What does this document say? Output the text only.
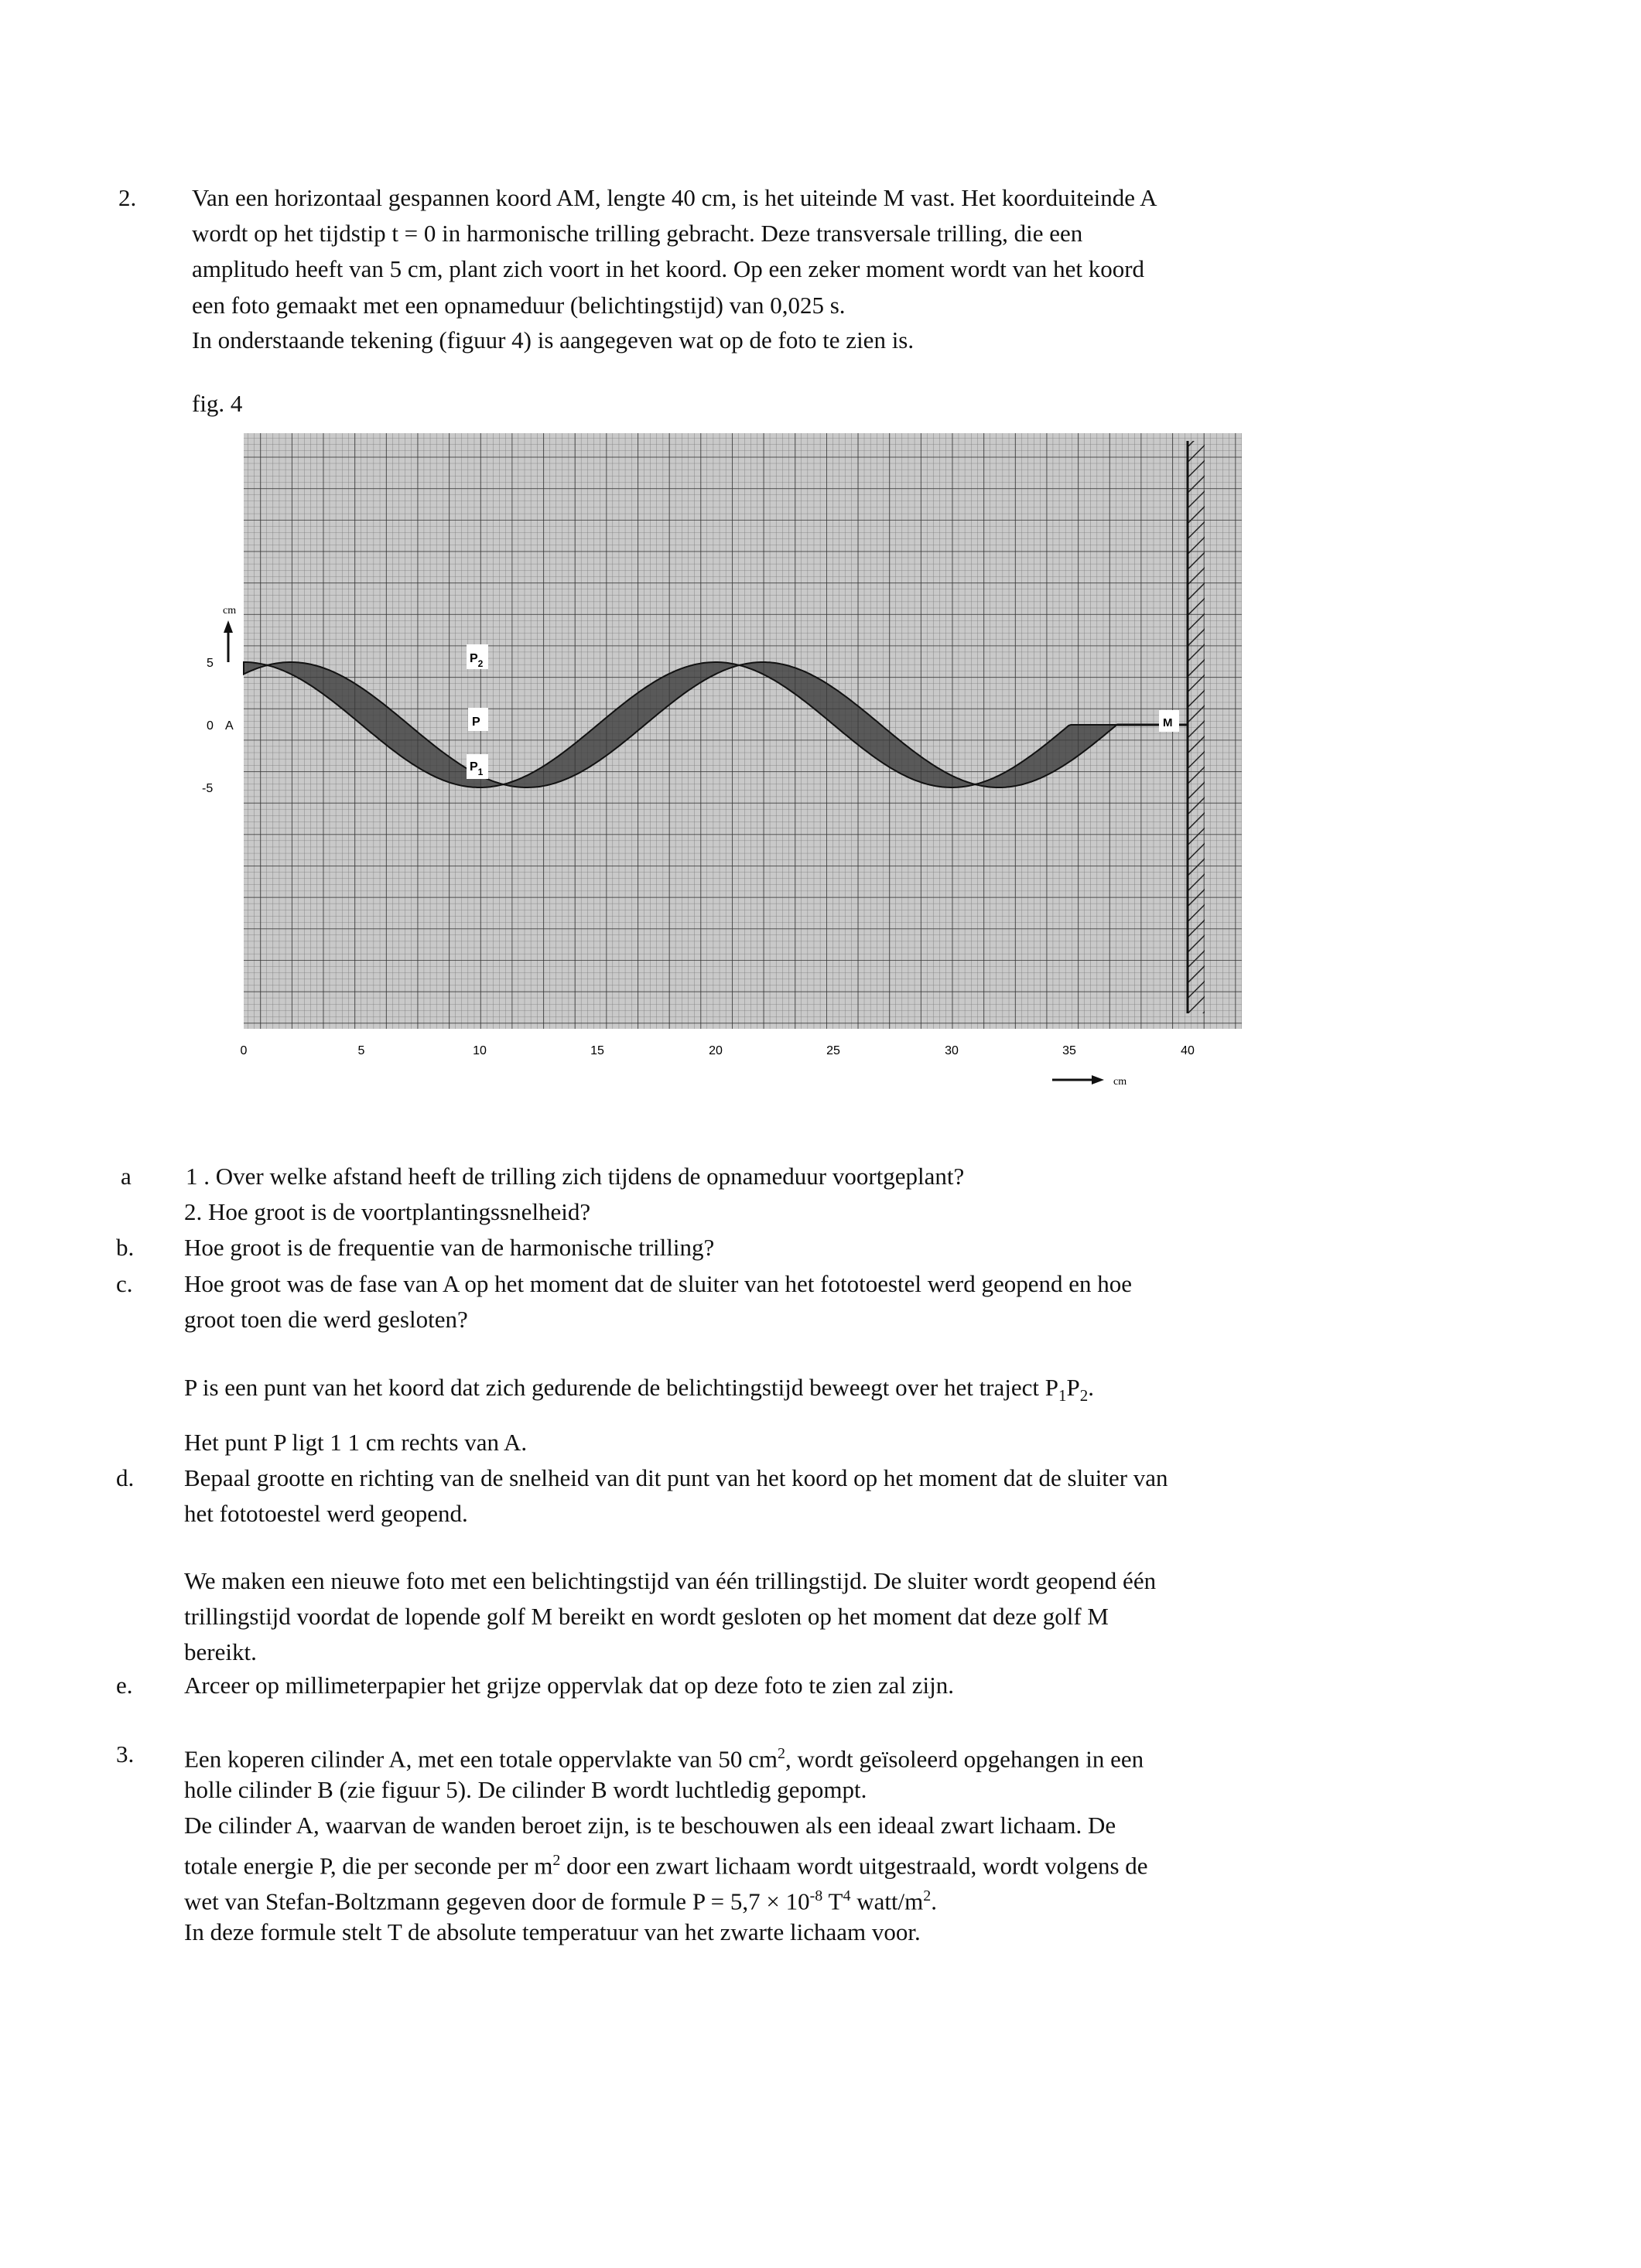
2. Van een horizontaal gespannen koord AM, lengte 40 cm, is het uiteinde M vast. Het koorduiteinde A
wordt op het tijdstip t = 0 in harmonische trilling gebracht. Deze transversale trilling, die een
amplitudo heeft van 5 cm, plant zich voort in het koord. Op een zeker moment wordt van het koord
een foto gemaakt met een opnameduur (belichtingstijd) van 0,025 s.
In onderstaande tekening (figuur 4) is aangegeven wat op de foto te zien is.
fig. 4
cm
5
0
-5
A
$P_2$
P
$P_1$
M
0	5	10	15	20	25	30	35	40
cm
a 1 . Over welke afstand heeft de trilling zich tijdens de opnameduur voortgeplant?
2. Hoe groot is de voortplantingssnelheid?
b. Hoe groot is de frequentie van de harmonische trilling?
c. Hoe groot was de fase van A op het moment dat de sluiter van het fototoestel werd geopend en hoe
groot toen die werd gesloten?
P is een punt van het koord dat zich gedurende de belichtingstijd beweegt over het traject $P_1P_2$.
Het punt P ligt 1 1 cm rechts van A.
d. Bepaal grootte en richting van de snelheid van dit punt van het koord op het moment dat de sluiter van
het fototoestel werd geopend.
We maken een nieuwe foto met een belichtingstijd van één trillingstijd. De sluiter wordt geopend één
trillingstijd voordat de lopende golf M bereikt en wordt gesloten op het moment dat deze golf M
bereikt.
e. Arceer op millimeterpapier het grijze oppervlak dat op deze foto te zien zal zijn.
3. Een koperen cilinder A, met een totale oppervlakte van 50 $cm^2$, wordt geïsoleerd opgehangen in een
holle cilinder B (zie figuur 5). De cilinder B wordt luchtledig gepompt.
De cilinder A, waarvan de wanden beroet zijn, is te beschouwen als een ideaal zwart lichaam. De
totale energie P, die per seconde per $m^2$ door een zwart lichaam wordt uitgestraald, wordt volgens de
wet van Stefan-Boltzmann gegeven door de formule $P = 5,7 \times 10^{-8}$ $T^4$ watt/$m^2$.
In deze formule stelt T de absolute temperatuur van het zwarte lichaam voor.
